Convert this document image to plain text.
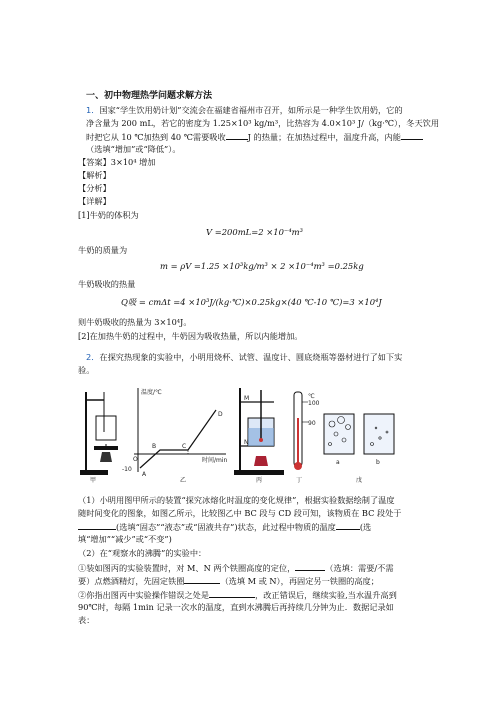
一、初中物理热学问题求解方法
1．国家“学生饮用奶计划”交流会在福建省福州市召开，如所示是一种学生饮用奶，它的
净含量为 200 mL，若它的密度为 1.25×10³ kg/m³，比热容为 4.0×10³ J/（kg·℃），冬天饮用
时把它从 10 ℃加热到 40 ℃需要吸收	J 的热量；在加热过程中，温度升高，内能
（选填“增加”或“降低”）。
【答案】3×10⁴ 增加
【解析】
【分析】
【详解】
[1]牛奶的体积为
V =200mL=2 ×10⁻⁴m³
牛奶的质量为
m = ρV =1.25 ×10³kg/m³ × 2 ×10⁻⁴m³ =0.25kg
牛奶吸收的热量
Q吸 = cmΔt =4 ×10³J/(kg·℃)×0.25kg×(40 ℃-10 ℃)=3 ×10⁴J
则牛奶吸收的热量为 3×10⁴J。
[2]在加热牛奶的过程中，牛奶因为吸收热量，所以内能增加。
2．在探究热现象的实验中，小明用烧杯、试管、温度计、圆底烧瓶等器材进行了如下实
验。
甲
温度/℃
时间/min
B	C
D
A
O
-10
乙
M
N
丙
℃
100
90
丁
a	b
戊
（1）小明用图甲所示的装置“探究冰熔化时温度的变化规律”，根据实验数据绘制了温度
随时间变化的图象，如图乙所示，比较图乙中 BC 段与 CD 段可知，该物质在 BC 段处于
(选填“固态”“液态”或“固液共存”)状态，此过程中物质的温度	(选
填“增加”“减少”或“不变”)
（2）在“观察水的沸腾”的实验中：
①装如图丙的实验装置时，对 M、N 两个铁圈高度的定位，	（选填：需要/不需
要）点燃酒精灯，先固定铁圈	（选填 M 或 N），再固定另一铁圈的高度；
②你指出图丙中实验操作错误之处是	，改正错误后，继续实验,当水温升高到
90℃时，每隔 1min 记录一次水的温度，直到水沸腾后再持续几分钟为止．数据记录如
表：
